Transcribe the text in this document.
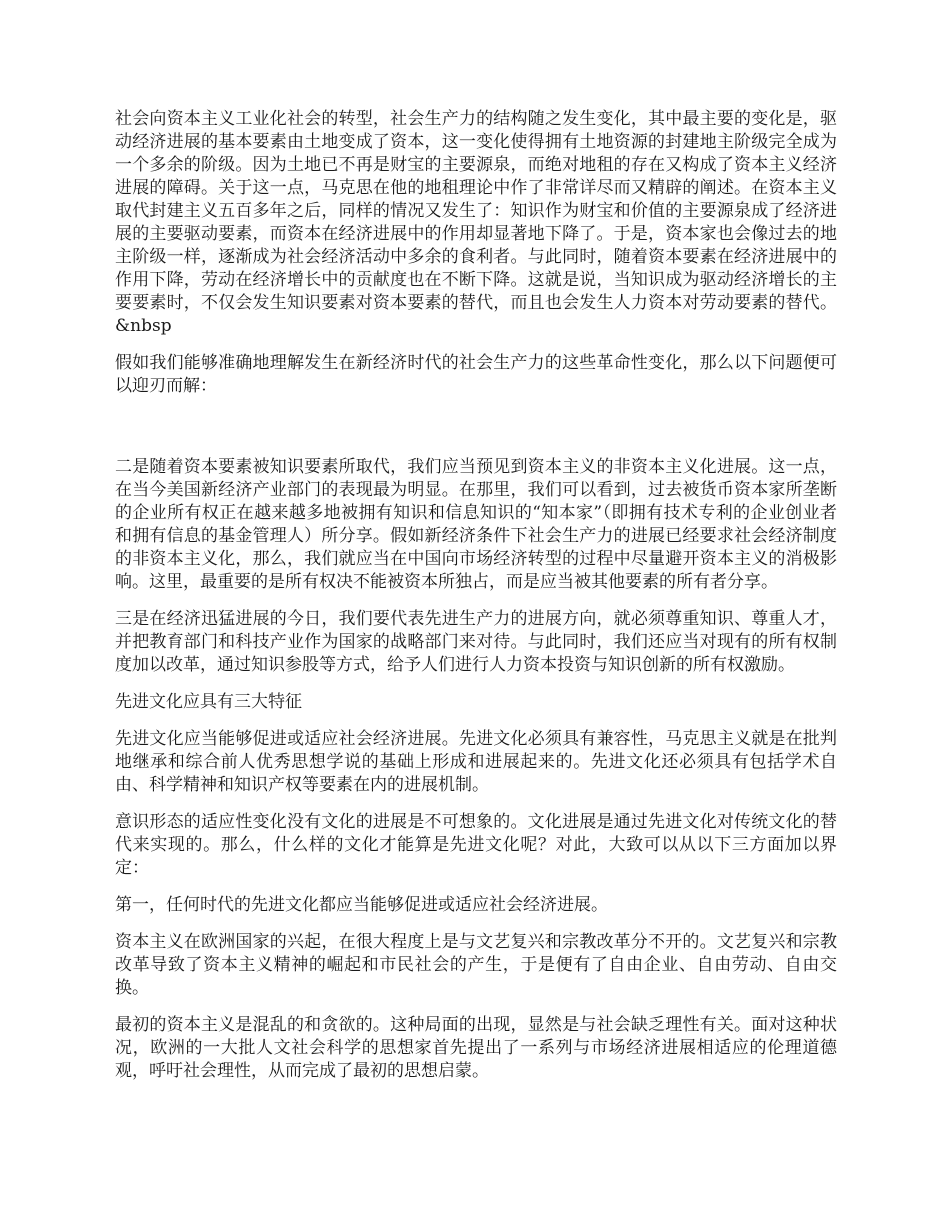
社会向资本主义工业化社会的转型，社会生产力的结构随之发生变化，其中最主要的变化是，驱动经济进展的基本要素由土地变成了资本，这一变化使得拥有土地资源的封建地主阶级完全成为一个多余的阶级。因为土地已不再是财宝的主要源泉，而绝对地租的存在又构成了资本主义经济进展的障碍。关于这一点，马克思在他的地租理论中作了非常详尽而又精辟的阐述。在资本主义取代封建主义五百多年之后，同样的情况又发生了：知识作为财宝和价值的主要源泉成了经济进展的主要驱动要素，而资本在经济进展中的作用却显著地下降了。于是，资本家也会像过去的地主阶级一样，逐渐成为社会经济活动中多余的食利者。与此同时，随着资本要素在经济进展中的作用下降，劳动在经济增长中的贡献度也在不断下降。这就是说，当知识成为驱动经济增长的主要要素时，不仅会发生知识要素对资本要素的替代，而且也会发生人力资本对劳动要素的替代。 &nbsp

假如我们能够准确地理解发生在新经济时代的社会生产力的这些革命性变化，那么以下问题便可以迎刃而解：

二是随着资本要素被知识要素所取代，我们应当预见到资本主义的非资本主义化进展。这一点，在当今美国新经济产业部门的表现最为明显。在那里，我们可以看到，过去被货币资本家所垄断的企业所有权正在越来越多地被拥有知识和信息知识的“知本家”（即拥有技术专利的企业创业者和拥有信息的基金管理人）所分享。假如新经济条件下社会生产力的进展已经要求社会经济制度的非资本主义化，那么，我们就应当在中国向市场经济转型的过程中尽量避开资本主义的消极影响。这里，最重要的是所有权决不能被资本所独占，而是应当被其他要素的所有者分享。

三是在经济迅猛进展的今日，我们要代表先进生产力的进展方向，就必须尊重知识、尊重人才，并把教育部门和科技产业作为国家的战略部门来对待。与此同时，我们还应当对现有的所有权制度加以改革，通过知识参股等方式，给予人们进行人力资本投资与知识创新的所有权激励。

先进文化应具有三大特征

先进文化应当能够促进或适应社会经济进展。先进文化必须具有兼容性，马克思主义就是在批判地继承和综合前人优秀思想学说的基础上形成和进展起来的。先进文化还必须具有包括学术自由、科学精神和知识产权等要素在内的进展机制。

意识形态的适应性变化没有文化的进展是不可想象的。文化进展是通过先进文化对传统文化的替代来实现的。那么，什么样的文化才能算是先进文化呢？对此，大致可以从以下三方面加以界定：

第一，任何时代的先进文化都应当能够促进或适应社会经济进展。

资本主义在欧洲国家的兴起，在很大程度上是与文艺复兴和宗教改革分不开的。文艺复兴和宗教改革导致了资本主义精神的崛起和市民社会的产生，于是便有了自由企业、自由劳动、自由交换。

最初的资本主义是混乱的和贪欲的。这种局面的出现，显然是与社会缺乏理性有关。面对这种状况，欧洲的一大批人文社会科学的思想家首先提出了一系列与市场经济进展相适应的伦理道德观，呼吁社会理性，从而完成了最初的思想启蒙。
